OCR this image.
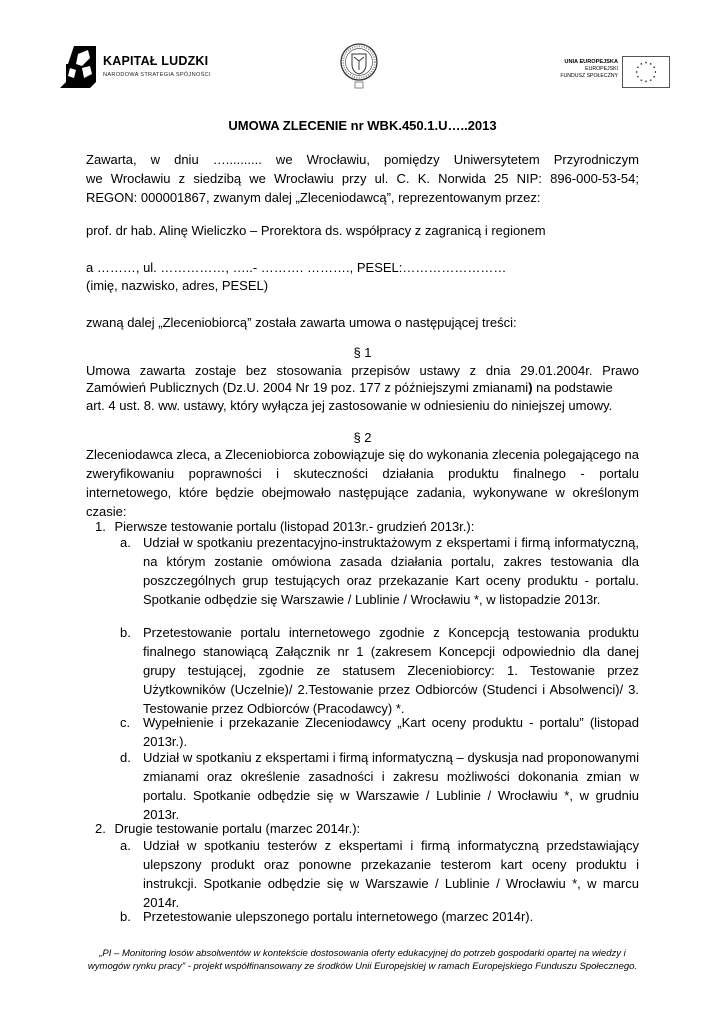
KAPITAŁ LUDZKI
NARODOWA STRATEGIA SPÓJNOŚCI
UNIA EUROPEJSKA
EUROPEJSKI
FUNDUSZ SPOŁECZNY
UMOWA ZLECENIE nr WBK.450.1.U…..2013
Zawarta, w dniu ….......... we Wrocławiu, pomiędzy Uniwersytetem Przyrodniczym
we Wrocławiu z siedzibą we Wrocławiu przy ul. C. K. Norwida 25 NIP: 896-000-53-54;
REGON: 000001867, zwanym dalej „Zleceniodawcą”, reprezentowanym przez:
prof. dr hab. Alinę Wieliczko – Prorektora ds. współpracy z zagranicą i regionem
a ………, ul. ……………, …..- ………. ………., PESEL:……………………
(imię, nazwisko, adres, PESEL)
zwaną dalej „Zleceniobiorcą” została zawarta umowa o następującej treści:
§ 1
Umowa zawarta zostaje bez stosowania przepisów ustawy z dnia 29.01.2004r. Prawo
Zamówień Publicznych (Dz.U. 2004 Nr 19 poz. 177 z późniejszymi zmianami) na podstawie
art. 4 ust. 8. ww. ustawy, który wyłącza jej zastosowanie w odniesieniu do niniejszej umowy.
§ 2
Zleceniodawca zleca, a Zleceniobiorca zobowiązuje się do wykonania zlecenia polegającego na zweryfikowaniu poprawności i skuteczności działania produktu finalnego - portalu internetowego, które będzie obejmowało następujące zadania, wykonywane w określonym czasie:
1. Pierwsze testowanie portalu (listopad 2013r.- grudzień 2013r.):
a. Udział w spotkaniu prezentacyjno-instruktażowym z ekspertami i firmą informatyczną, na którym zostanie omówiona zasada działania portalu, zakres testowania dla poszczególnych grup testujących oraz przekazanie Kart oceny produktu - portalu. Spotkanie odbędzie się Warszawie / Lublinie / Wrocławiu *, w listopadzie 2013r.
b. Przetestowanie portalu internetowego zgodnie z Koncepcją testowania produktu finalnego stanowiącą Załącznik nr 1 (zakresem Koncepcji odpowiednio dla danej grupy testującej, zgodnie ze statusem Zleceniobiorcy: 1. Testowanie przez Użytkowników (Uczelnie)/ 2.Testowanie przez Odbiorców (Studenci i Absolwenci)/ 3. Testowanie przez Odbiorców (Pracodawcy) *.
c. Wypełnienie i przekazanie Zleceniodawcy „Kart oceny produktu - portalu” (listopad 2013r.).
d. Udział w spotkaniu z ekspertami i firmą informatyczną – dyskusja nad proponowanymi zmianami oraz określenie zasadności i zakresu możliwości dokonania zmian w portalu. Spotkanie odbędzie się w Warszawie / Lublinie / Wrocławiu *, w grudniu 2013r.
2. Drugie testowanie portalu (marzec 2014r.):
a. Udział w spotkaniu testerów z ekspertami i firmą informatyczną przedstawiający ulepszony produkt oraz ponowne przekazanie testerom kart oceny produktu i instrukcji. Spotkanie odbędzie się w Warszawie / Lublinie / Wrocławiu *, w marcu 2014r.
b. Przetestowanie ulepszonego portalu internetowego (marzec 2014r).
„PI – Monitoring losów absolwentów w kontekście dostosowania oferty edukacyjnej do potrzeb gospodarki opartej na wiedzy i wymogów rynku pracy” - projekt współfinansowany ze środków Unii Europejskiej w ramach Europejskiego Funduszu Społecznego.
